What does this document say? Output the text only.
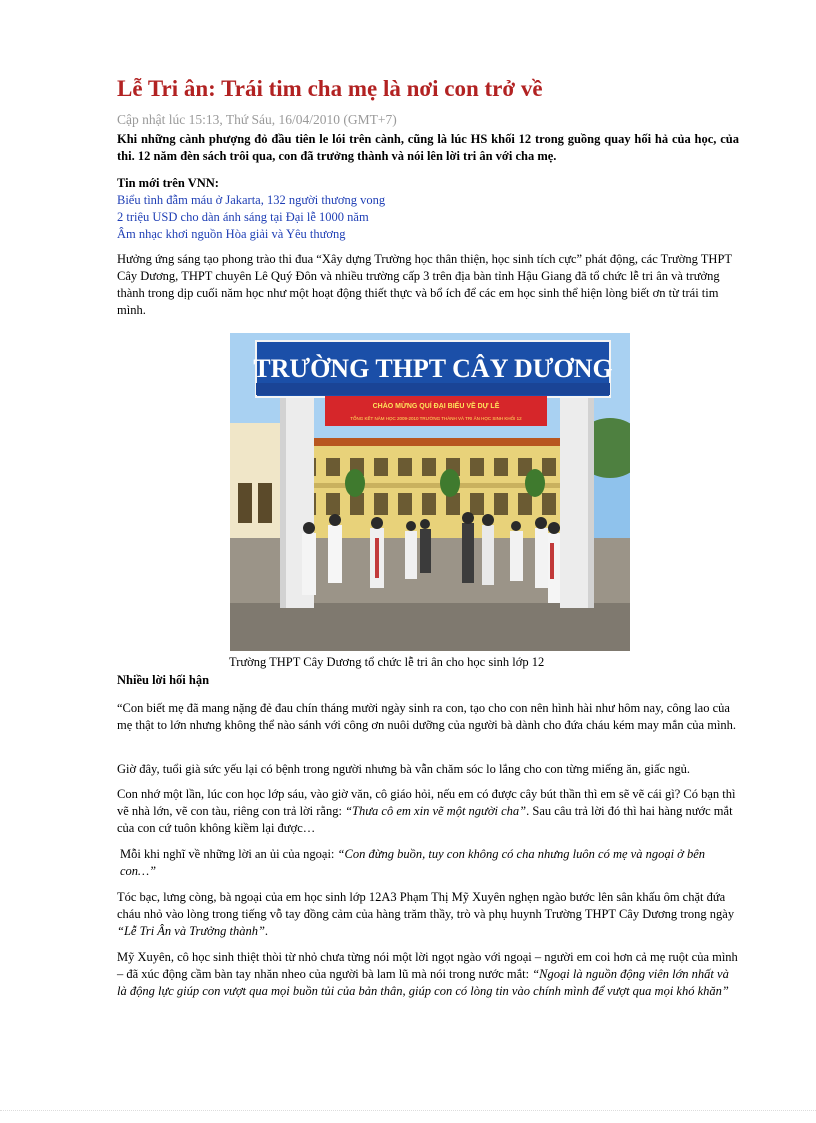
Lễ Tri ân: Trái tim cha mẹ là nơi con trở về
Cập nhật lúc 15:13, Thứ Sáu, 16/04/2010 (GMT+7)
Khi những cành phượng đỏ đầu tiên le lói trên cành, cũng là lúc HS khối 12 trong guồng quay hối hả của học, của thi. 12 năm đèn sách trôi qua, con đã trưởng thành và nói lên lời tri ân với cha mẹ.
Tin mới trên VNN:
Biểu tình đẫm máu ở Jakarta, 132 người thương vong
2 triệu USD cho dàn ánh sáng tại Đại lễ 1000 năm
Âm nhạc khơi nguồn Hòa giải và Yêu thương

Hưởng ứng sáng tạo phong trào thi đua “Xây dựng Trường học thân thiện, học sinh tích cực” phát động, các Trường THPT Cây Dương, THPT chuyên Lê Quý Đôn và nhiều trường cấp 3 trên địa bàn tỉnh Hậu Giang đã tổ chức lễ tri ân và trưởng thành trong dịp cuối năm học như một hoạt động thiết thực và bổ ích để các em học sinh thể hiện lòng biết ơn từ trái tim mình.

TRƯỜNG THPT CÂY DƯƠNG
CHÀO MỪNG QUÍ ĐẠI BIỂU VỀ DỰ LỄ
TỔNG KẾT NĂM HỌC 2009-2010 TRƯỜNG THÀNH VÀ TRI ÂN HỌC SINH KHỐI 12
Trường THPT Cây Dương tổ chức lễ tri ân cho học sinh lớp 12
Nhiều lời hối hận

“Con biết mẹ đã mang nặng đẻ đau chín tháng mười ngày sinh ra con, tạo cho con nên hình hài như hôm nay, công lao của mẹ thật to lớn nhưng không thể nào sánh với công ơn nuôi dưỡng của người bà dành cho đứa cháu kém may mắn của mình.

Giờ đây, tuổi già sức yếu lại có bệnh trong người nhưng bà vẫn chăm sóc lo lắng cho con từng miếng ăn, giấc ngủ.

Con nhớ một lần, lúc con học lớp sáu, vào giờ văn, cô giáo hỏi, nếu em có được cây bút thần thì em sẽ vẽ cái gì? Có bạn thì vẽ nhà lớn, vẽ con tàu, riêng con trả lời rằng: “Thưa cô em xin vẽ một người cha”. Sau câu trả lời đó thì hai hàng nước mắt của con cứ tuôn không kiềm lại được…

Mỗi khi nghĩ về những lời an ủi của ngoại: “Con đừng buồn, tuy con không có cha nhưng luôn có mẹ và ngoại ở bên con…”

Tóc bạc, lưng còng, bà ngoại của em học sinh lớp 12A3 Phạm Thị Mỹ Xuyên nghẹn ngào bước lên sân khấu ôm chặt đứa cháu nhỏ vào lòng trong tiếng vỗ tay đồng cảm của hàng trăm thầy, trò và phụ huynh Trường THPT Cây Dương trong ngày “Lễ Tri Ân và Trưởng thành”.

Mỹ Xuyên, cô học sinh thiệt thòi từ nhỏ chưa từng nói một lời ngọt ngào với ngoại – người em coi hơn cả mẹ ruột của mình – đã xúc động cầm bàn tay nhăn nheo của người bà lam lũ mà nói trong nước mắt: “Ngoại là nguồn động viên lớn nhất và là động lực giúp con vượt qua mọi buồn tủi của bản thân, giúp con có lòng tin vào chính mình để vượt qua mọi khó khăn”
